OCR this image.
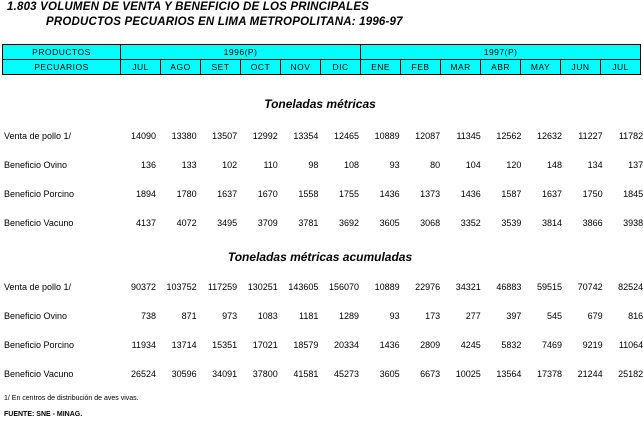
1.803 VOLUMEN DE VENTA Y BENEFICIO DE LOS PRINCIPALES
PRODUCTOS PECUARIOS EN LIMA METROPOLITANA: 1996-97
PRODUCTOS	1996(P)						1997(P)						
PECUARIOS	JUL	AGO	SET	OCT	NOV	DIC	ENE	FEB	MAR	ABR	MAY	JUN	JUL
Toneladas métricas
Venta de pollo 1/	14090	13380	13507	12992	13354	12465	10889	12087	11345	12562	12632	11227	11782
Beneficio Ovino	136	133	102	110	98	108	93	80	104	120	148	134	137
Beneficio Porcino	1894	1780	1637	1670	1558	1755	1436	1373	1436	1587	1637	1750	1845
Beneficio Vacuno	4137	4072	3495	3709	3781	3692	3605	3068	3352	3539	3814	3866	3938
Toneladas métricas acumuladas
Venta de pollo 1/	90372	103752	117259	130251	143605	156070	10889	22976	34321	46883	59515	70742	82524
Beneficio Ovino	738	871	973	1083	1181	1289	93	173	277	397	545	679	816
Beneficio Porcino	11934	13714	15351	17021	18579	20334	1436	2809	4245	5832	7469	9219	11064
Beneficio Vacuno	26524	30596	34091	37800	41581	45273	3605	6673	10025	13564	17378	21244	25182
1/ En centros de distribución de aves vivas.
FUENTE: SNE - MINAG.
